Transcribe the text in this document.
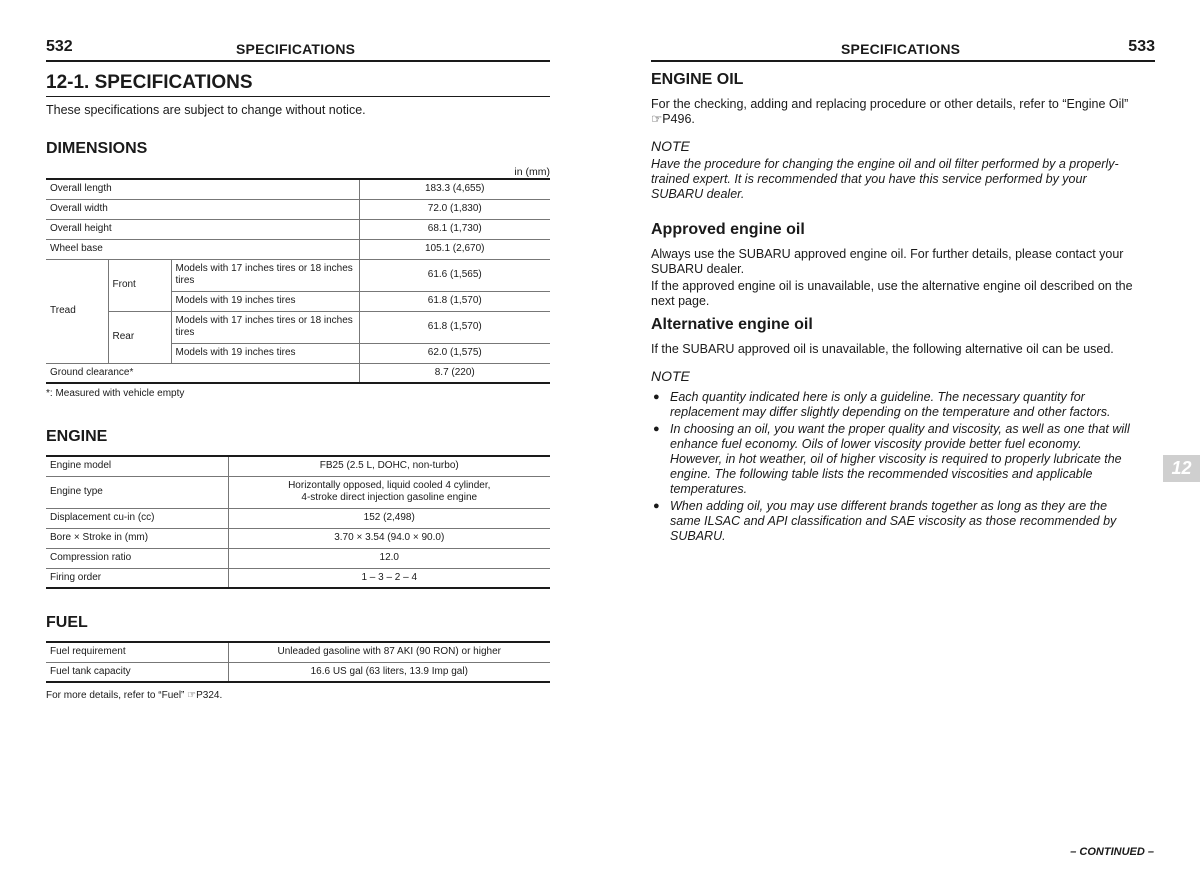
532	SPECIFICATIONS
12-1. SPECIFICATIONS
These specifications are subject to change without notice.
DIMENSIONS
in (mm)
Overall length			183.3 (4,655)
Overall width			72.0 (1,830)
Overall height			68.1 (1,730)
Wheel base			105.1 (2,670)
Tread	Front	Models with 17 inches tires or 18 inches tires	61.6 (1,565)
		Models with 19 inches tires	61.8 (1,570)
	Rear	Models with 17 inches tires or 18 inches tires	61.8 (1,570)
		Models with 19 inches tires	62.0 (1,575)
Ground clearance*			8.7 (220)
*: Measured with vehicle empty
ENGINE
Engine model	FB25 (2.5 L, DOHC, non-turbo)
Engine type	Horizontally opposed, liquid cooled 4 cylinder,
4-stroke direct injection gasoline engine

Displacement cu-in (cc)	152 (2,498)
Bore × Stroke in (mm)	3.70 × 3.54 (94.0 × 90.0)
Compression ratio	12.0
Firing order	1 – 3 – 2 – 4
FUEL
Fuel requirement	Unleaded gasoline with 87 AKI (90 RON) or higher
Fuel tank capacity	16.6 US gal (63 liters, 13.9 Imp gal)
For more details, refer to “Fuel” ☞P324.
SPECIFICATIONS	533
ENGINE OIL
For the checking, adding and replacing procedure or other details, refer to “Engine Oil”
☞P496.
NOTE
Have the procedure for changing the engine oil and oil filter performed by a properly-
trained expert. It is recommended that you have this service performed by your
SUBARU dealer.
Approved engine oil
Always use the SUBARU approved engine oil. For further details, please contact your
SUBARU dealer.
If the approved engine oil is unavailable, use the alternative engine oil described on the
next page.
Alternative engine oil
If the SUBARU approved oil is unavailable, the following alternative oil can be used.
NOTE
● Each quantity indicated here is only a guideline. The necessary quantity for
replacement may differ slightly depending on the temperature and other factors.
● In choosing an oil, you want the proper quality and viscosity, as well as one that will
enhance fuel economy. Oils of lower viscosity provide better fuel economy.
However, in hot weather, oil of higher viscosity is required to properly lubricate the
engine. The following table lists the recommended viscosities and applicable
temperatures.
● When adding oil, you may use different brands together as long as they are the
same ILSAC and API classification and SAE viscosity as those recommended by
SUBARU.
12
– CONTINUED –
